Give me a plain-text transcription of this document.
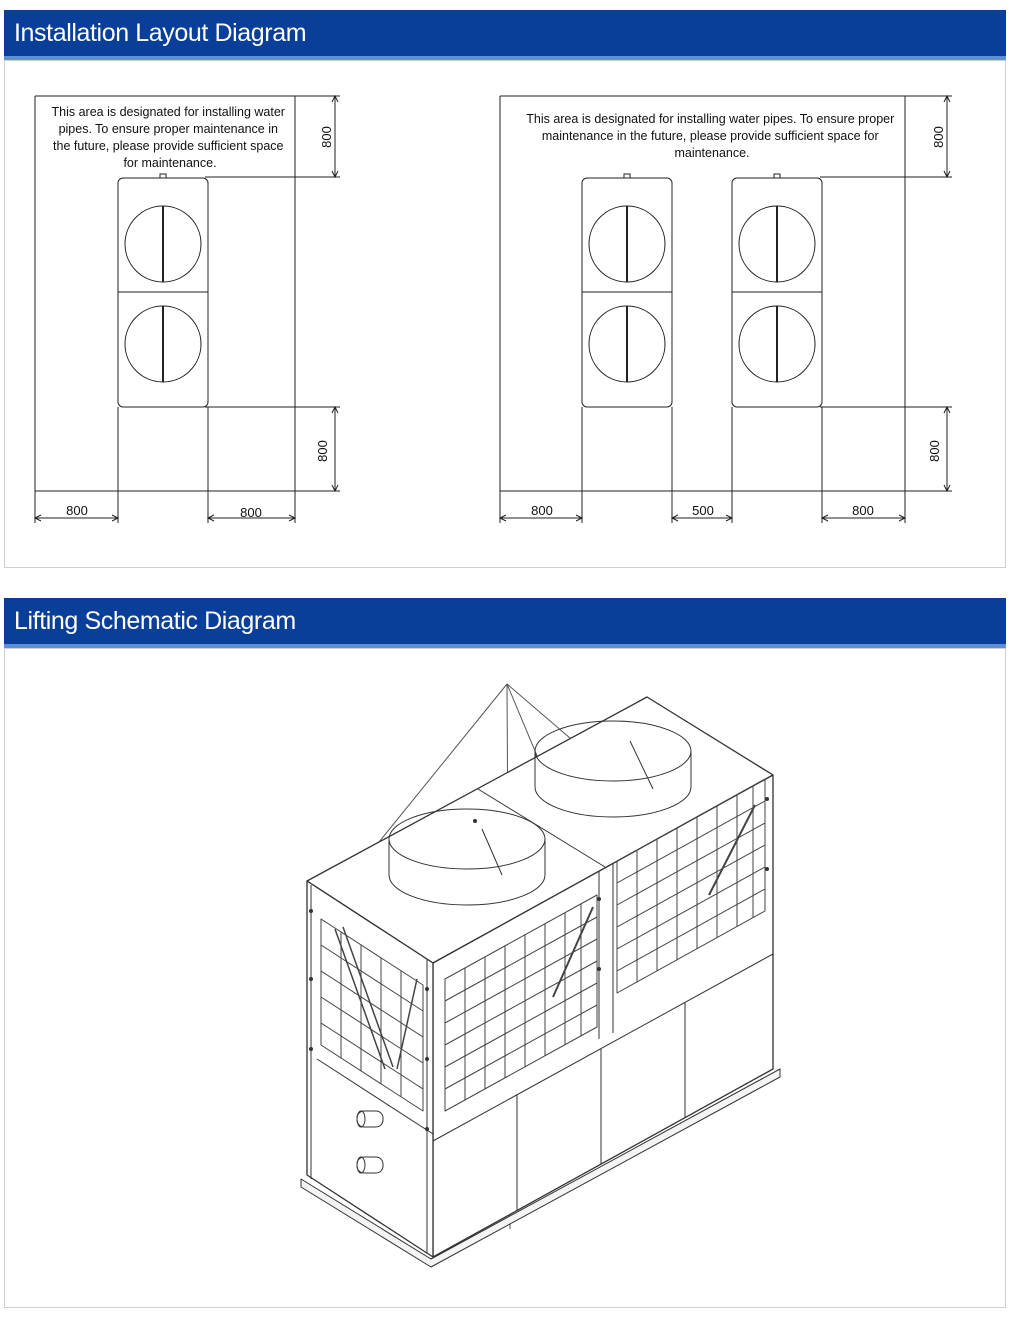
Installation Layout Diagram
This area is designated for installing water pipes. To ensure proper maintenance in the future, please provide sufficient space for maintenance.
This area is designated for installing water pipes. To ensure proper maintenance in the future, please provide sufficient space for maintenance.
800
800
800	800
800
800
800	500	800
Lifting Schematic Diagram
